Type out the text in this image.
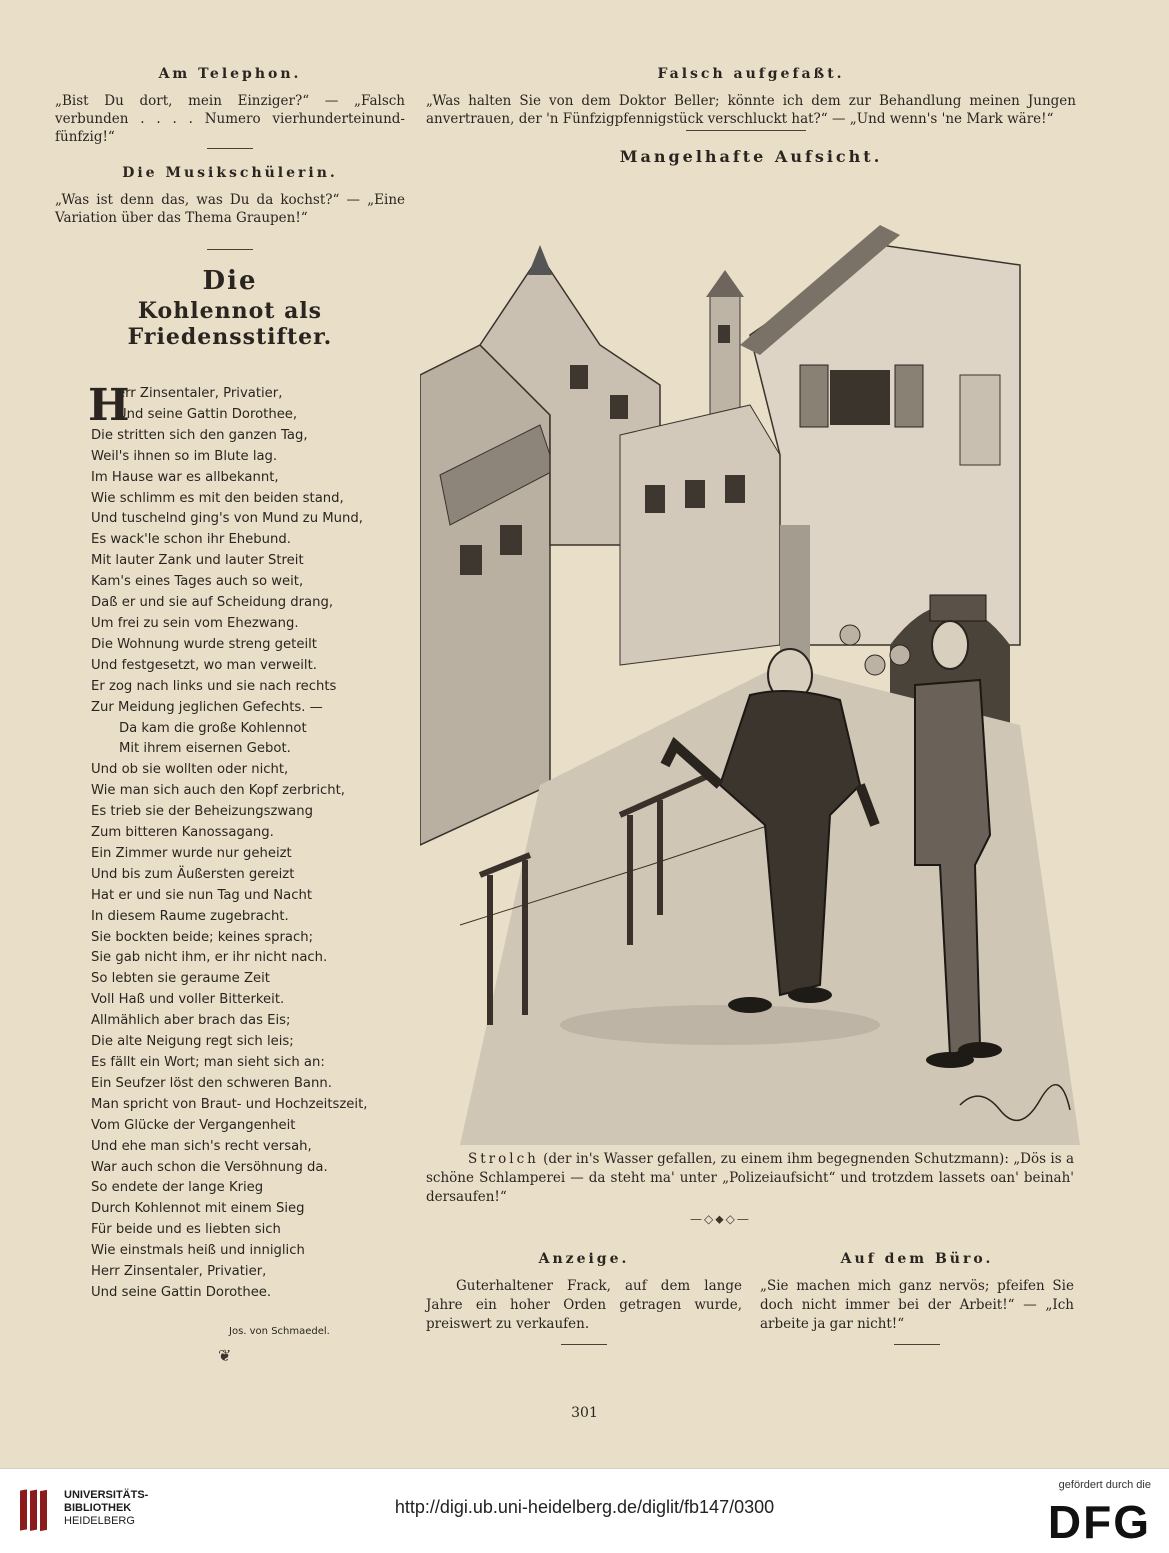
Am Telephon.

„Bist Du dort, mein Einziger?“ — „Falsch verbunden . . . . Numero vierhunderteinund-fünfzig!“

Die Musikschülerin.

„Was ist denn das, was Du da kochst?“ — „Eine Variation über das Thema Graupen!“

Die
Kohlennot als Friedensstifter.
H
err Zinsentaler, Privatier,
Und seine Gattin Dorothee,
Die stritten sich den ganzen Tag,
Weil's ihnen so im Blute lag.
Im Hause war es allbekannt,
Wie schlimm es mit den beiden stand,
Und tuschelnd ging's von Mund zu Mund,
Es wack'le schon ihr Ehebund.
Mit lauter Zank und lauter Streit
Kam's eines Tages auch so weit,
Daß er und sie auf Scheidung drang,
Um frei zu sein vom Ehezwang.
Die Wohnung wurde streng geteilt
Und festgesetzt, wo man verweilt.
Er zog nach links und sie nach rechts
Zur Meidung jeglichen Gefechts. —
Da kam die große Kohlennot
Mit ihrem eisernen Gebot.
Und ob sie wollten oder nicht,
Wie man sich auch den Kopf zerbricht,
Es trieb sie der Beheizungszwang
Zum bitteren Kanossagang.
Ein Zimmer wurde nur geheizt
Und bis zum Äußersten gereizt
Hat er und sie nun Tag und Nacht
In diesem Raume zugebracht.
Sie bockten beide; keines sprach;
Sie gab nicht ihm, er ihr nicht nach.
So lebten sie geraume Zeit
Voll Haß und voller Bitterkeit.
Allmählich aber brach das Eis;
Die alte Neigung regt sich leis;
Es fällt ein Wort; man sieht sich an:
Ein Seufzer löst den schweren Bann.
Man spricht von Braut- und Hochzeitszeit,
Vom Glücke der Vergangenheit
Und ehe man sich's recht versah,
War auch schon die Versöhnung da.
So endete der lange Krieg
Durch Kohlennot mit einem Sieg
Für beide und es liebten sich
Wie einstmals heiß und inniglich
Herr Zinsentaler, Privatier,
Und seine Gattin Dorothee.
Jos. von Schmaedel.
❦
Falsch aufgefaßt.

„Was halten Sie von dem Doktor Beller; könnte ich dem zur Behandlung meinen Jungen anvertrauen, der 'n Fünfzigpfennigstück verschluckt hat?“ — „Und wenn's 'ne Mark wäre!“

Mangelhafte Aufsicht.
Strolch (der in's Wasser gefallen, zu einem ihm begegnenden Schutzmann): „Dös is a schöne Schlamperei — da steht ma' unter „Polizeiaufsicht“ und trotzdem lassets oan' beinah' dersaufen!“
—◇⬥◇—
Anzeige.
Guterhaltener Frack, auf dem lange Jahre ein hoher Orden getragen wurde, preiswert zu verkaufen.
Auf dem Büro.
„Sie machen mich ganz nervös; pfeifen Sie doch nicht immer bei der Arbeit!“ — „Ich arbeite ja gar nicht!“
301
UNIVERSITÄTS-
BIBLIOTHEK
HEIDELBERG
http://digi.ub.uni-heidelberg.de/diglit/fb147/0300
gefördert durch die
DFG
